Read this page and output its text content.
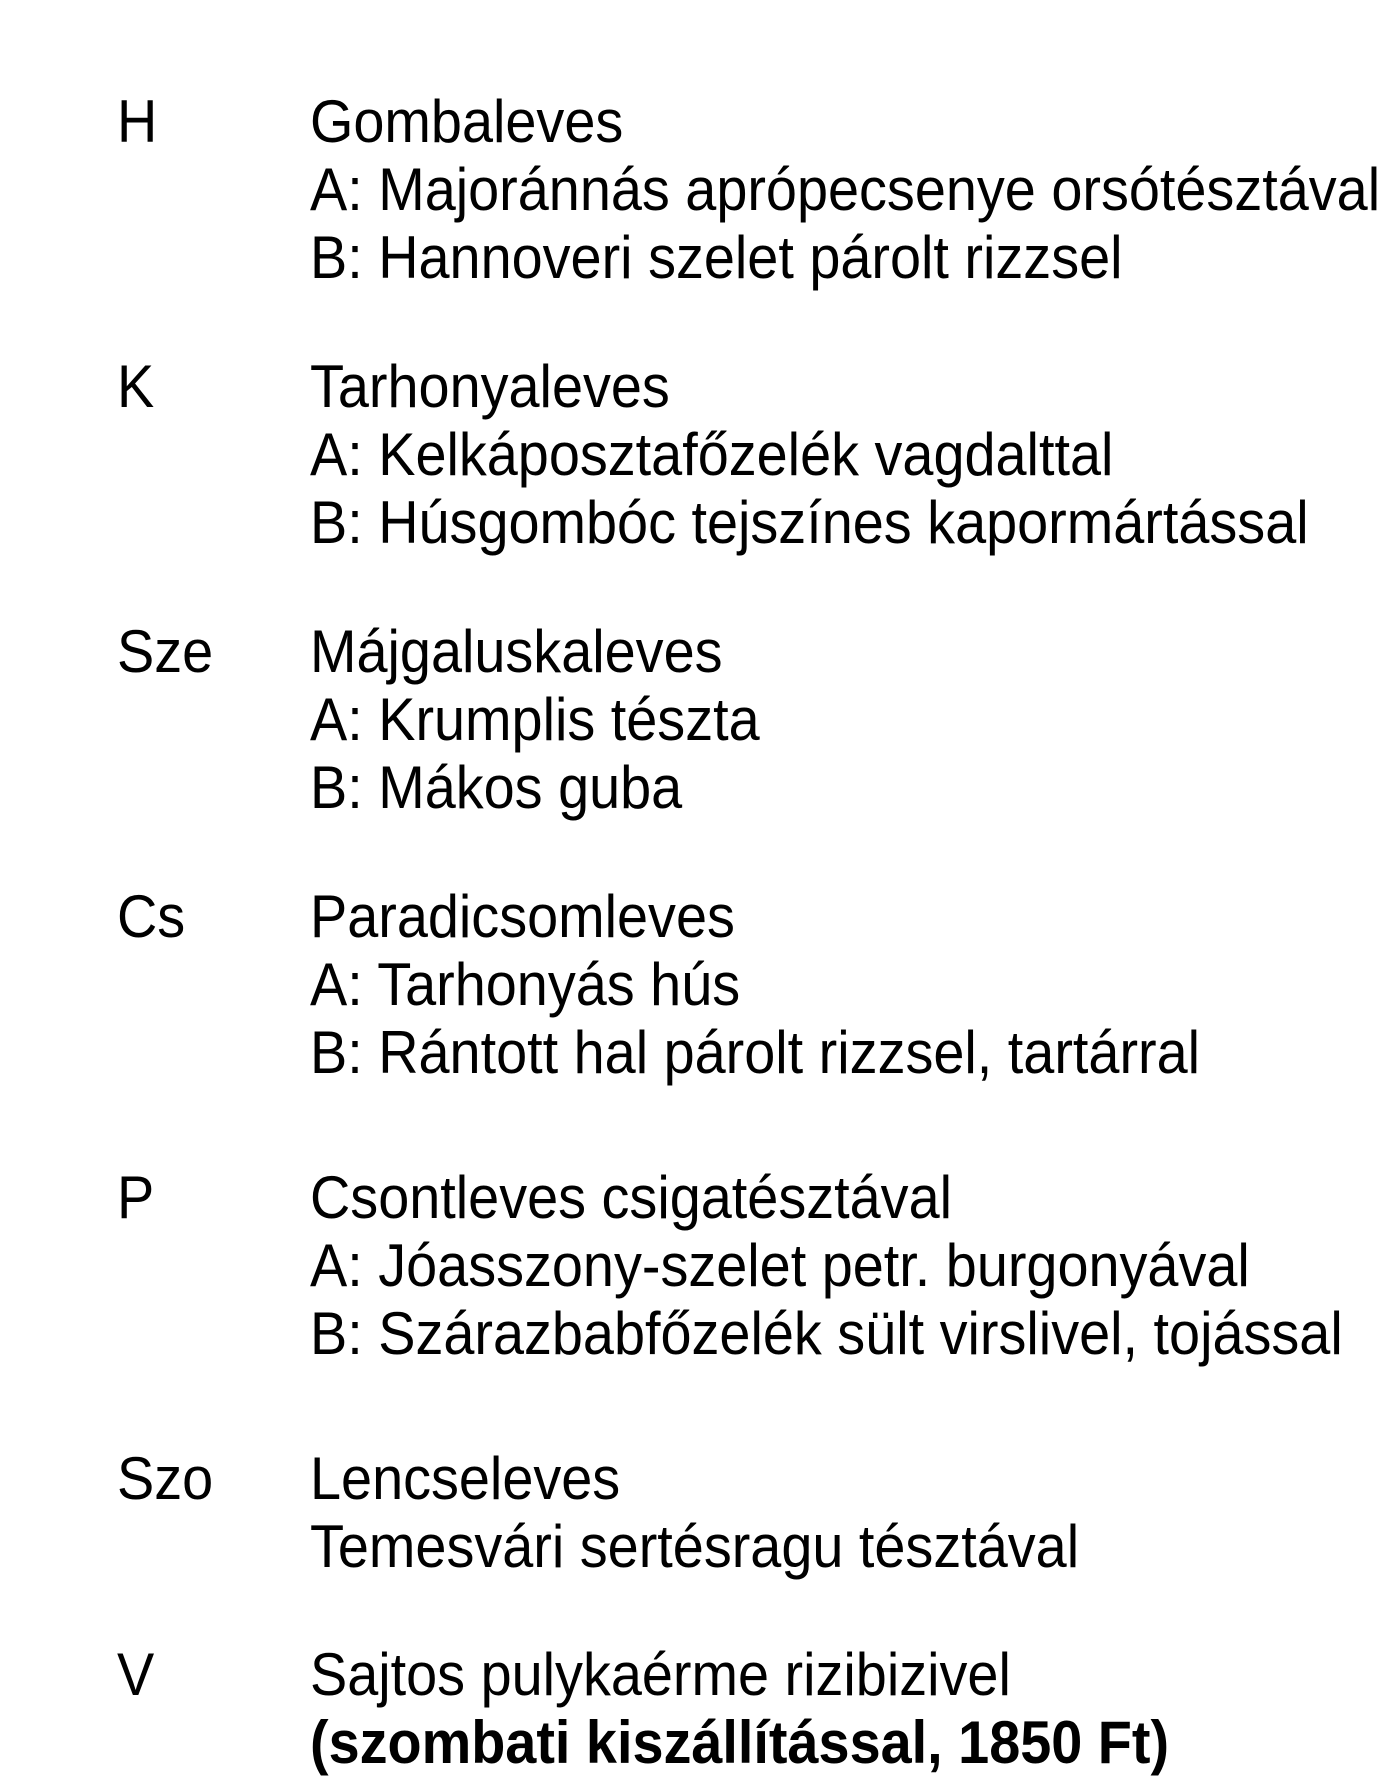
H	Gombaleves
A: Majoránnás aprópecsenye orsótésztával
B: Hannoveri szelet párolt rizzsel
K	Tarhonyaleves
A: Kelkáposztafőzelék vagdalttal
B: Húsgombóc tejszínes kapormártással
Sze	Májgaluskaleves
A: Krumplis tészta
B: Mákos guba
Cs	Paradicsomleves
A: Tarhonyás hús
B: Rántott hal párolt rizzsel, tartárral
P	Csontleves csigatésztával
A: Jóasszony-szelet petr. burgonyával
B: Szárazbabfőzelék sült virslivel, tojással
Szo	Lencseleves
Temesvári sertésragu tésztával
V	Sajtos pulykaérme rizibizivel
(szombati kiszállítással, 1850 Ft)
